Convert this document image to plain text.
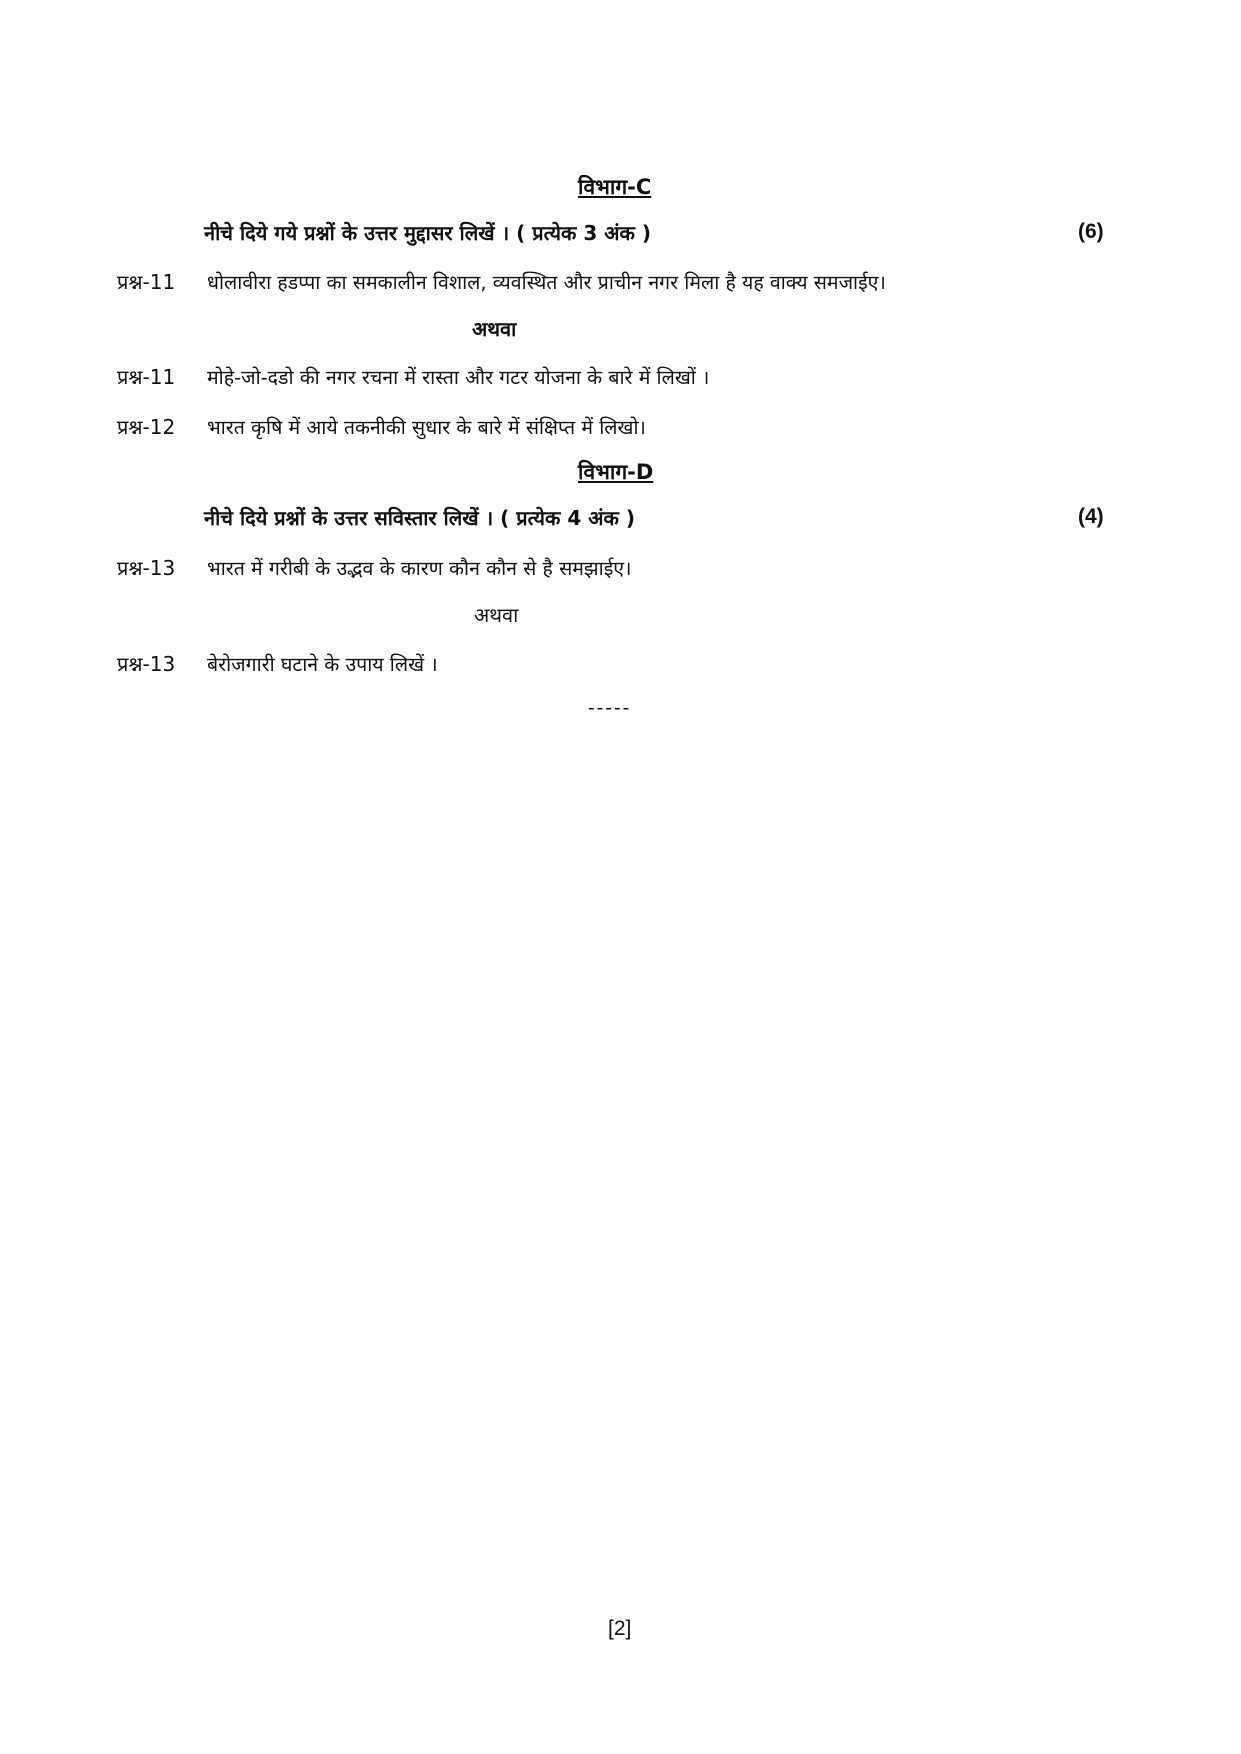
विभाग-C
नीचे दिये गये प्रश्नों के उत्तर मुद्दासर लिखें । ( प्रत्येक 3 अंक )	(6)
प्रश्न-11 धोलावीरा हडप्पा का समकालीन विशाल, व्यवस्थित और प्राचीन नगर मिला है यह वाक्य समजाईए।
अथवा
प्रश्न-11 मोहे-जो-दडो की नगर रचना में रास्ता और गटर योजना के बारे में लिखों ।
प्रश्न-12 भारत कृषि में आये तकनीकी सुधार के बारे में संक्षिप्त में लिखो।
विभाग-D
नीचे दिये प्रश्नों के उत्तर सविस्तार लिखें । ( प्रत्येक 4 अंक )	(4)
प्रश्न-13 भारत में गरीबी के उद्भव के कारण कौन कौन से है समझाईए।
अथवा
प्रश्न-13 बेरोजगारी घटाने के उपाय लिखें ।
-----
[2]
